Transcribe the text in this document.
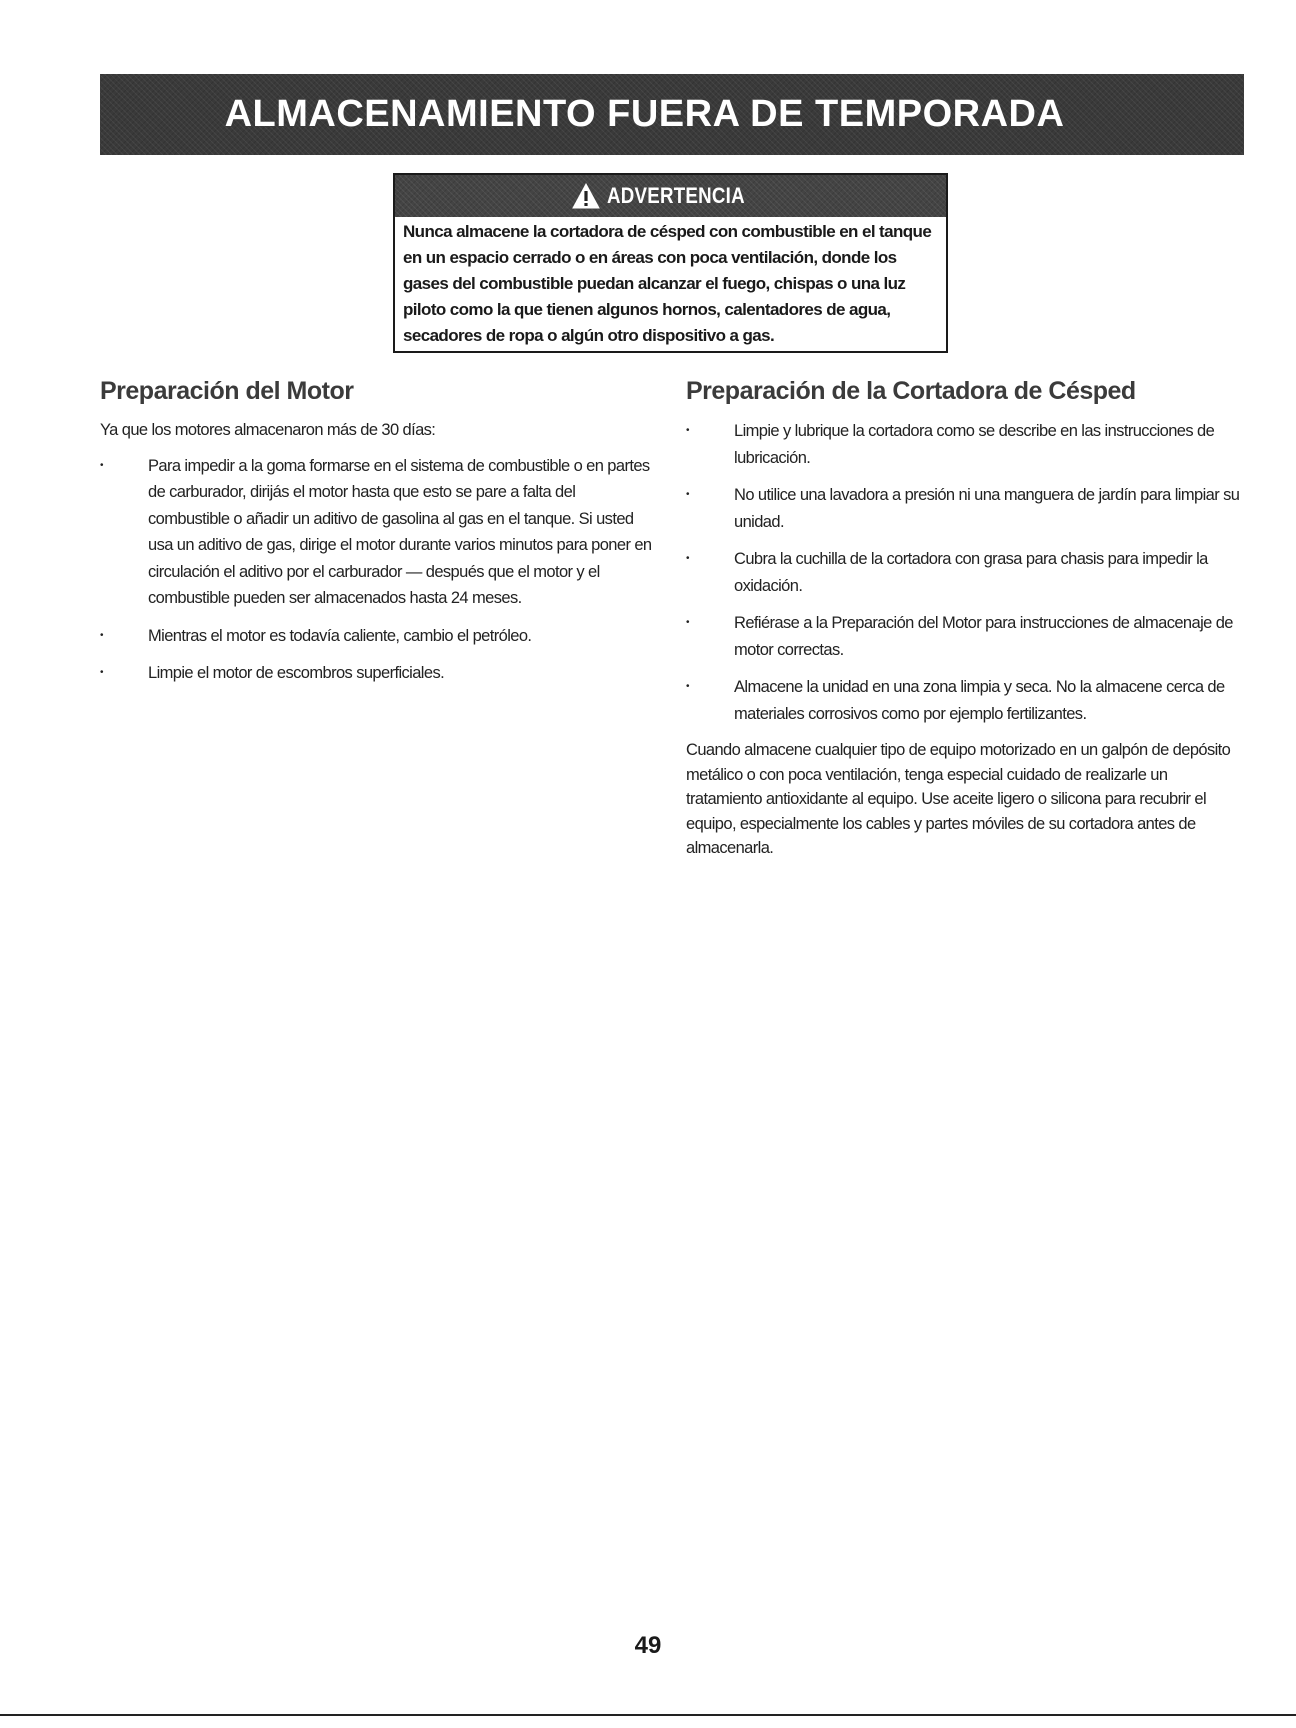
ALMACENAMIENTO FUERA DE TEMPORADA
ADVERTENCIA

Nunca almacene la cortadora de césped con combustible en el tanque en un espacio cerrado o en áreas con poca ventilación, donde los gases del combustible puedan alcanzar el fuego, chispas o una luz piloto como la que tienen algunos hornos, calentadores de agua, secadores de ropa o algún otro dispositivo a gas.

Preparación del Motor

Ya que los motores almacenaron más de 30 días:

•	Para impedir a la goma formarse en el sistema de combustible o en partes de carburador, dirijás el motor hasta que esto se pare a falta del combustible o añadir un aditivo de gasolina al gas en el tanque. Si usted usa un aditivo de gas, dirige el motor durante varios minutos para poner en circulación el aditivo por el carburador — después que el motor y el combustible pueden ser almacenados hasta 24 meses.
•	Mientras el motor es todavía caliente, cambio el petróleo.
•	Limpie el motor de escombros superficiales.
Preparación de la Cortadora de Césped
•	Limpie y lubrique la cortadora como se describe en las instrucciones de lubricación.
•	No utilice una lavadora a presión ni una manguera de jardín para limpiar su unidad.
•	Cubra la cuchilla de la cortadora con grasa para chasis para impedir la oxidación.
•	Refiérase a la Preparación del Motor para instrucciones de almacenaje de motor correctas.
•	Almacene la unidad en una zona limpia y seca. No la almacene cerca de materiales corrosivos como por ejemplo fertilizantes.

Cuando almacene cualquier tipo de equipo motorizado en un galpón de depósito metálico o con poca ventilación, tenga especial cuidado de realizarle un tratamiento antioxidante al equipo. Use aceite ligero o silicona para recubrir el equipo, especialmente los cables y partes móviles de su cortadora antes de almacenarla.

49
